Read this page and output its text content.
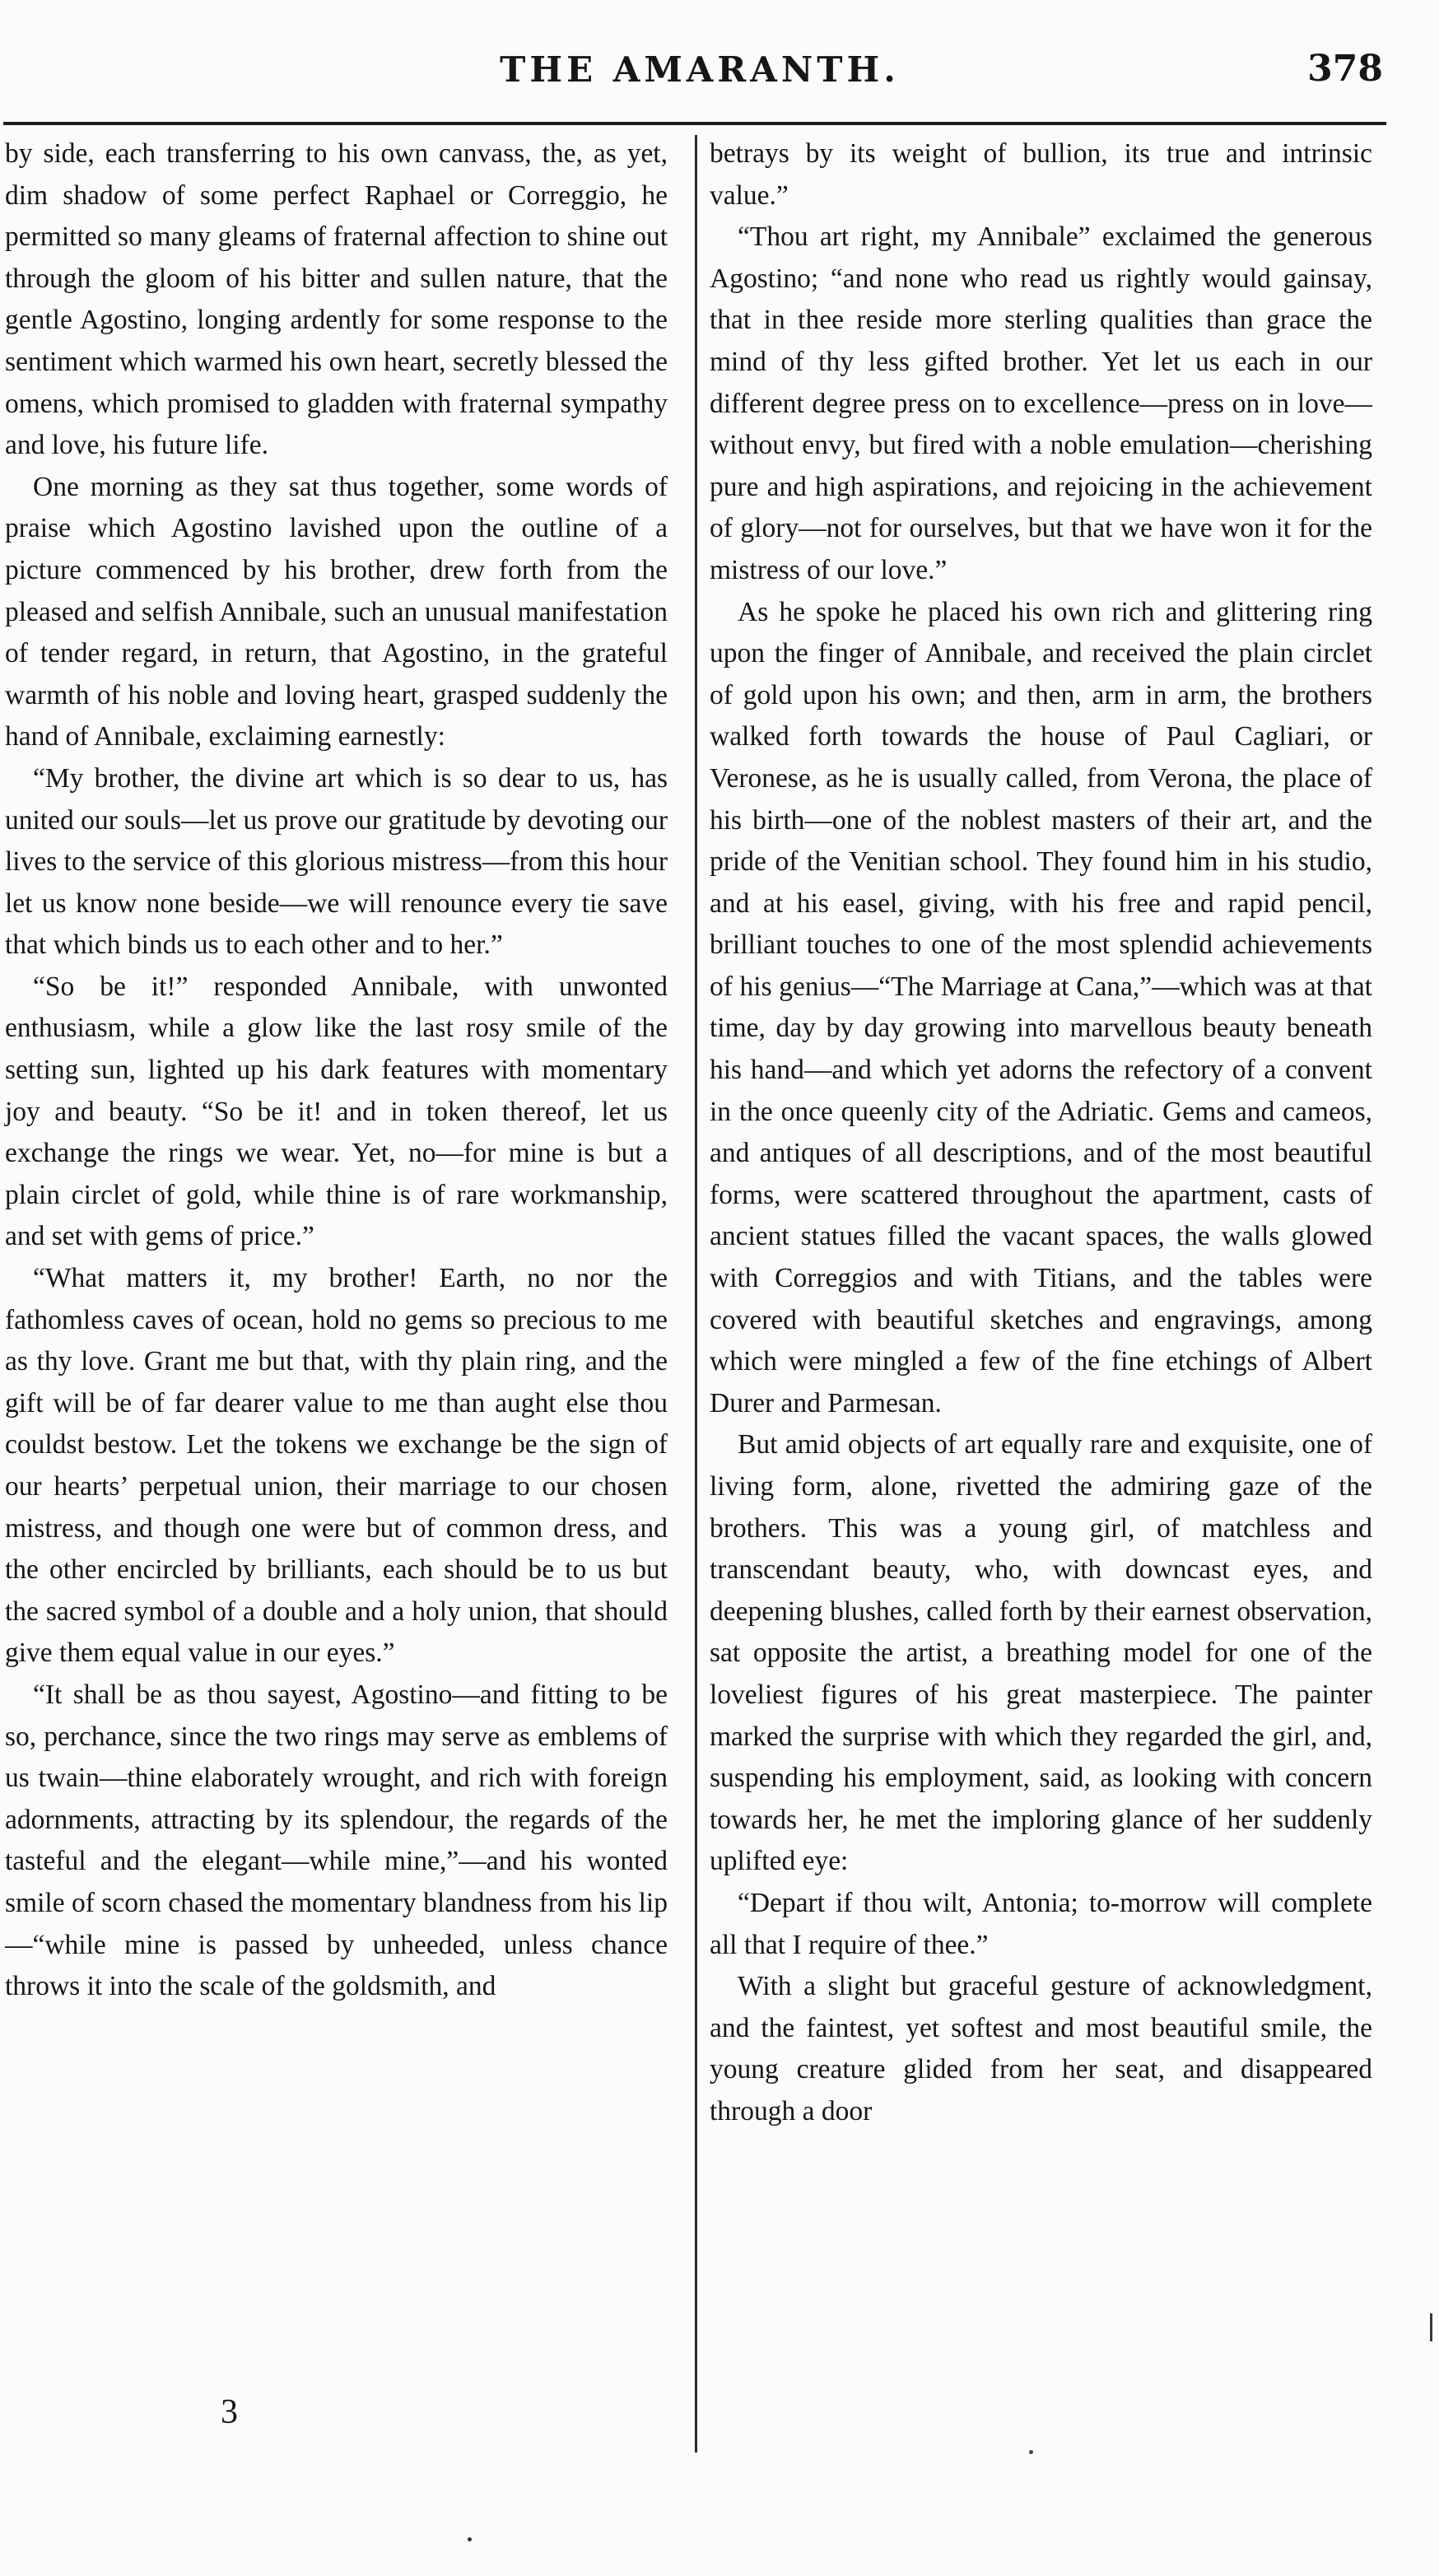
THE AMARANTH.	378

by side, each transferring to his own canvass, the, as yet, dim shadow of some perfect Raphael or Correggio, he permitted so many gleams of fraternal affection to shine out through the gloom of his bitter and sullen nature, that the gentle Agostino, longing ardently for some response to the sentiment which warmed his own heart, secretly blessed the omens, which promised to gladden with fraternal sympathy and love, his future life.

One morning as they sat thus together, some words of praise which Agostino lavished upon the outline of a picture commenced by his brother, drew forth from the pleased and selfish Annibale, such an unusual manifestation of tender regard, in return, that Agostino, in the grateful warmth of his noble and loving heart, grasped suddenly the hand of Annibale, exclaiming earnestly:

“My brother, the divine art which is so dear to us, has united our souls—let us prove our gratitude by devoting our lives to the service of this glorious mistress—from this hour let us know none beside—we will renounce every tie save that which binds us to each other and to her.”

“So be it!” responded Annibale, with unwonted enthusiasm, while a glow like the last rosy smile of the setting sun, lighted up his dark features with momentary joy and beauty. “So be it! and in token thereof, let us exchange the rings we wear. Yet, no—for mine is but a plain circlet of gold, while thine is of rare workmanship, and set with gems of price.”

“What matters it, my brother! Earth, no nor the fathomless caves of ocean, hold no gems so precious to me as thy love. Grant me but that, with thy plain ring, and the gift will be of far dearer value to me than aught else thou couldst bestow. Let the tokens we exchange be the sign of our hearts’ perpetual union, their marriage to our chosen mistress, and though one were but of common dress, and the other encircled by brilliants, each should be to us but the sacred symbol of a double and a holy union, that should give them equal value in our eyes.”

“It shall be as thou sayest, Agostino—and fitting to be so, perchance, since the two rings may serve as emblems of us twain—thine elaborately wrought, and rich with foreign adornments, attracting by its splendour, the regards of the tasteful and the elegant—while mine,”—and his wonted smile of scorn chased the momentary blandness from his lip—“while mine is passed by unheeded, unless chance throws it into the scale of the goldsmith, and

betrays by its weight of bullion, its true and intrinsic value.”

“Thou art right, my Annibale” exclaimed the generous Agostino; “and none who read us rightly would gainsay, that in thee reside more sterling qualities than grace the mind of thy less gifted brother. Yet let us each in our different degree press on to excellence—press on in love—without envy, but fired with a noble emulation—cherishing pure and high aspirations, and rejoicing in the achievement of glory—not for ourselves, but that we have won it for the mistress of our love.”

As he spoke he placed his own rich and glittering ring upon the finger of Annibale, and received the plain circlet of gold upon his own; and then, arm in arm, the brothers walked forth towards the house of Paul Cagliari, or Veronese, as he is usually called, from Verona, the place of his birth—one of the noblest masters of their art, and the pride of the Venitian school. They found him in his studio, and at his easel, giving, with his free and rapid pencil, brilliant touches to one of the most splendid achievements of his genius—“The Marriage at Cana,”—which was at that time, day by day growing into marvellous beauty beneath his hand—and which yet adorns the refectory of a convent in the once queenly city of the Adriatic. Gems and cameos, and antiques of all descriptions, and of the most beautiful forms, were scattered throughout the apartment, casts of ancient statues filled the vacant spaces, the walls glowed with Correggios and with Titians, and the tables were covered with beautiful sketches and engravings, among which were mingled a few of the fine etchings of Albert Durer and Parmesan.

But amid objects of art equally rare and exquisite, one of living form, alone, rivetted the admiring gaze of the brothers. This was a young girl, of matchless and transcendant beauty, who, with downcast eyes, and deepening blushes, called forth by their earnest observation, sat opposite the artist, a breathing model for one of the loveliest figures of his great masterpiece. The painter marked the surprise with which they regarded the girl, and, suspending his employment, said, as looking with concern towards her, he met the imploring glance of her suddenly uplifted eye:

“Depart if thou wilt, Antonia; to-morrow will complete all that I require of thee.”

With a slight but graceful gesture of acknowledgment, and the faintest, yet softest and most beautiful smile, the young creature glided from her seat, and disappeared through a door

3
